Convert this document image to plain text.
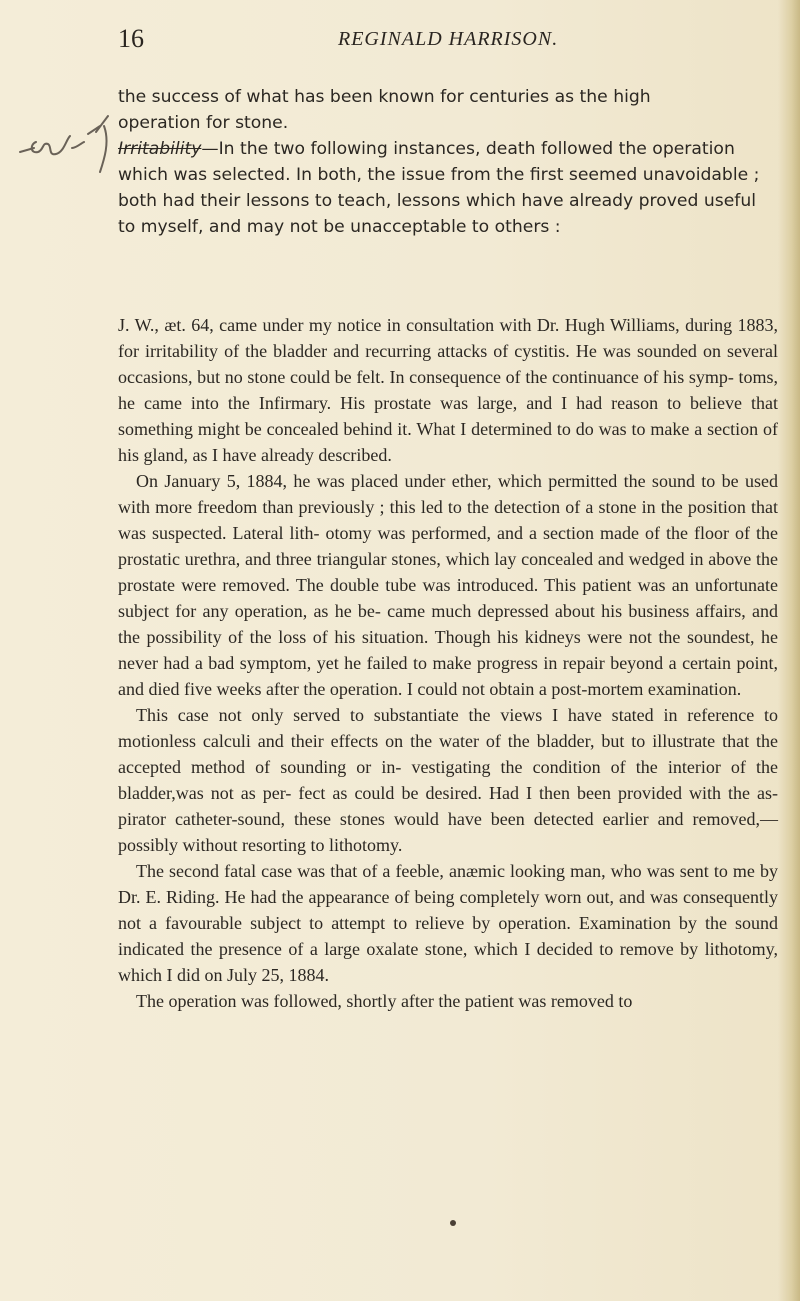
16	REGINALD HARRISON.

the success of what has been known for centuries as the high

operation for stone.

Irritability—In the two following instances, death followed the operation which was selected. In both, the issue from the first seemed unavoidable ; both had their lessons to teach, lessons which have already proved useful to myself, and may not be unacceptable to others :

J. W., æt. 64, came under my notice in consultation with Dr. Hugh Williams, during 1883, for irritability of the bladder and recurring attacks of cystitis. He was sounded on several occasions, but no stone could be felt. In consequence of the continuance of his symp- toms, he came into the Infirmary. His prostate was large, and I had reason to believe that something might be concealed behind it. What I determined to do was to make a section of his gland, as I have already described.

On January 5, 1884, he was placed under ether, which permitted the sound to be used with more freedom than previously ; this led to the detection of a stone in the position that was suspected. Lateral lith- otomy was performed, and a section made of the floor of the prostatic urethra, and three triangular stones, which lay concealed and wedged in above the prostate were removed. The double tube was introduced. This patient was an unfortunate subject for any operation, as he be- came much depressed about his business affairs, and the possibility of the loss of his situation. Though his kidneys were not the soundest, he never had a bad symptom, yet he failed to make progress in repair beyond a certain point, and died five weeks after the operation. I could not obtain a post-mortem examination.

This case not only served to substantiate the views I have stated in reference to motionless calculi and their effects on the water of the bladder, but to illustrate that the accepted method of sounding or in- vestigating the condition of the interior of the bladder,was not as per- fect as could be desired. Had I then been provided with the as- pirator catheter-sound, these stones would have been detected earlier and removed,—possibly without resorting to lithotomy.

The second fatal case was that of a feeble, anæmic looking man, who was sent to me by Dr. E. Riding. He had the appearance of being completely worn out, and was consequently not a favourable subject to attempt to relieve by operation. Examination by the sound indicated the presence of a large oxalate stone, which I decided to remove by lithotomy, which I did on July 25, 1884.

The operation was followed, shortly after the patient was removed to
